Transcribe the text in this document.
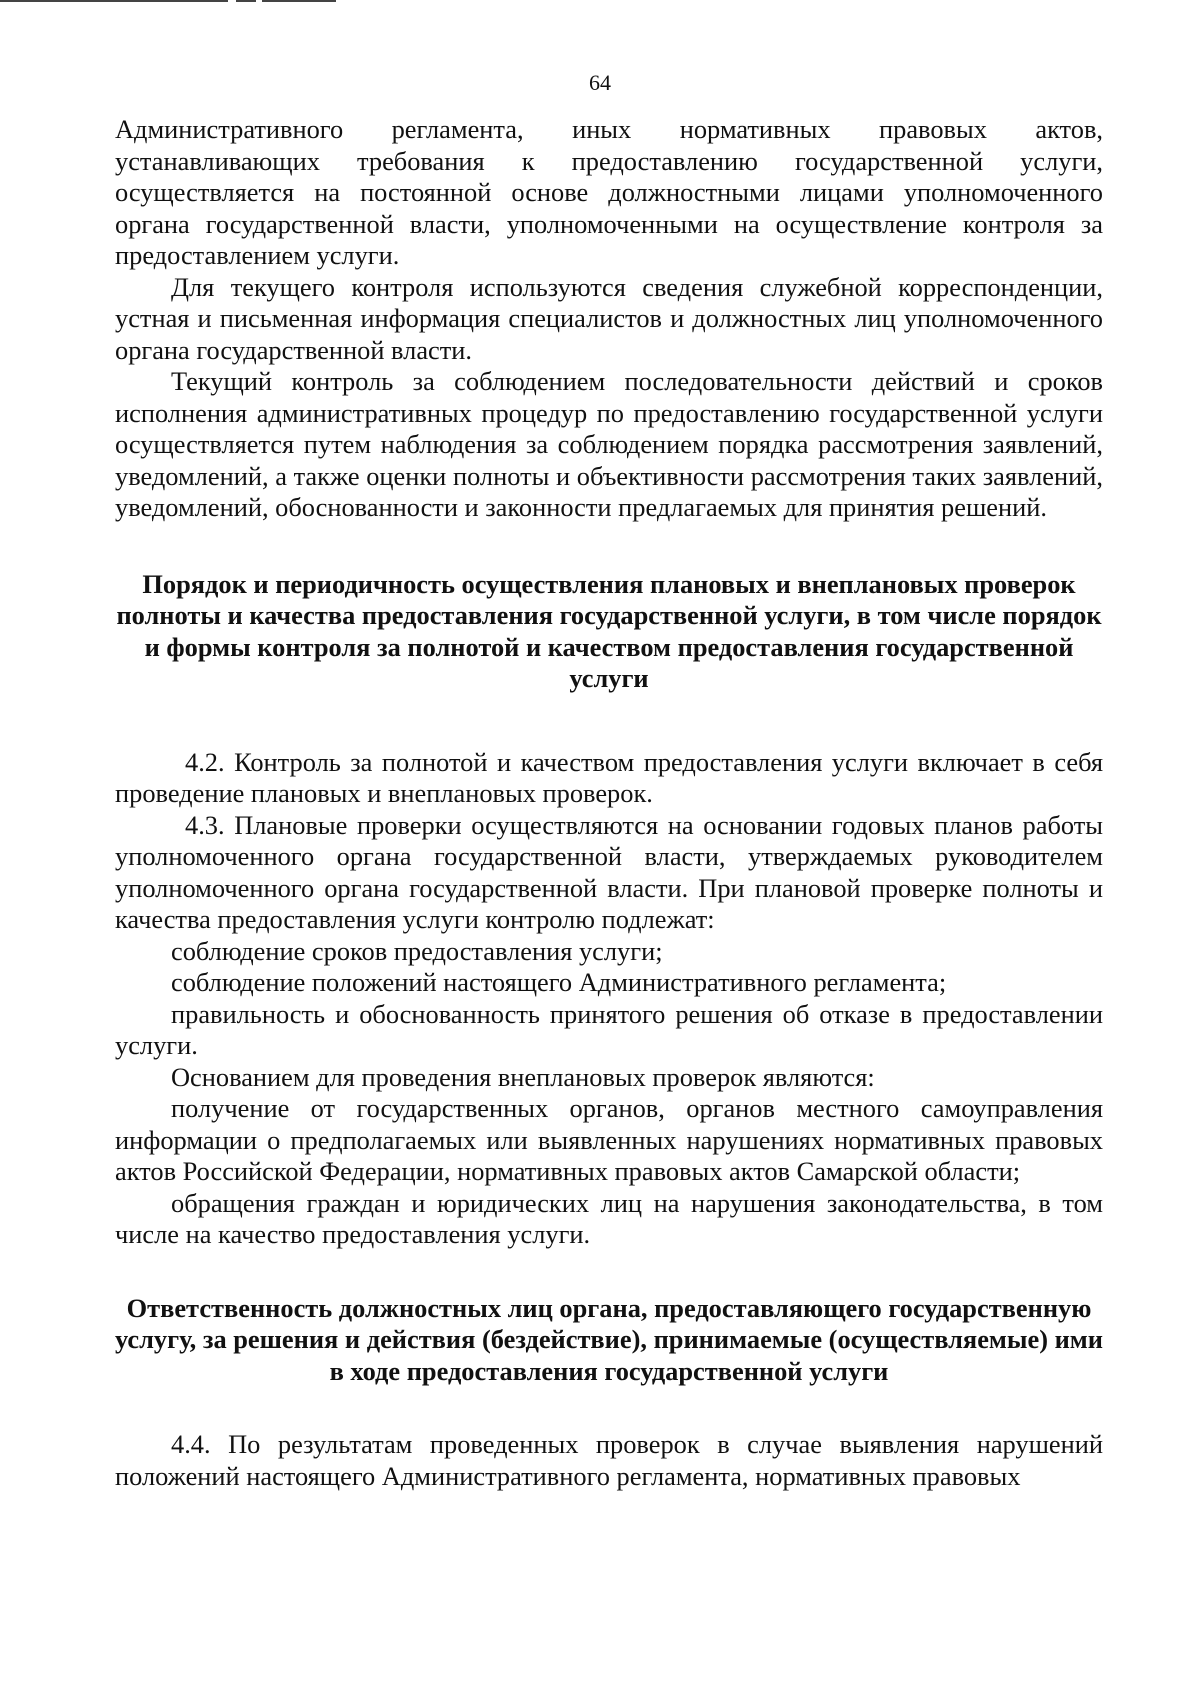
64

Административного регламента, иных нормативных правовых актов, устанавливающих требования к предоставлению государственной услуги, осуществляется на постоянной основе должностными лицами уполномоченного органа государственной власти, уполномоченными на осуществление контроля за предоставлением услуги.

Для текущего контроля используются сведения служебной корреспонденции, устная и письменная информация специалистов и должностных лиц уполномоченного органа государственной власти.

Текущий контроль за соблюдением последовательности действий и сроков исполнения административных процедур по предоставлению государственной услуги осуществляется путем наблюдения за соблюдением порядка рассмотрения заявлений, уведомлений, а также оценки полноты и объективности рассмотрения таких заявлений, уведомлений, обоснованности и законности предлагаемых для принятия решений.

Порядок и периодичность осуществления плановых и внеплановых проверок полноты и качества предоставления государственной услуги, в том числе порядок и формы контроля за полнотой и качеством предоставления государственной услуги

4.2. Контроль за полнотой и качеством предоставления услуги включает в себя проведение плановых и внеплановых проверок.

4.3. Плановые проверки осуществляются на основании годовых планов работы уполномоченного органа государственной власти, утверждаемых руководителем уполномоченного органа государственной власти. При плановой проверке полноты и качества предоставления услуги контролю подлежат:

соблюдение сроков предоставления услуги;

соблюдение положений настоящего Административного регламента;

правильность и обоснованность принятого решения об отказе в предоставлении услуги.

Основанием для проведения внеплановых проверок являются:

получение от государственных органов, органов местного самоуправления информации о предполагаемых или выявленных нарушениях нормативных правовых актов Российской Федерации, нормативных правовых актов Самарской области;

обращения граждан и юридических лиц на нарушения законодательства, в том числе на качество предоставления услуги.

Ответственность должностных лиц органа, предоставляющего государственную услугу, за решения и действия (бездействие), принимаемые (осуществляемые) ими в ходе предоставления государственной услуги

4.4. По результатам проведенных проверок в случае выявления нарушений положений настоящего Административного регламента, нормативных правовых
